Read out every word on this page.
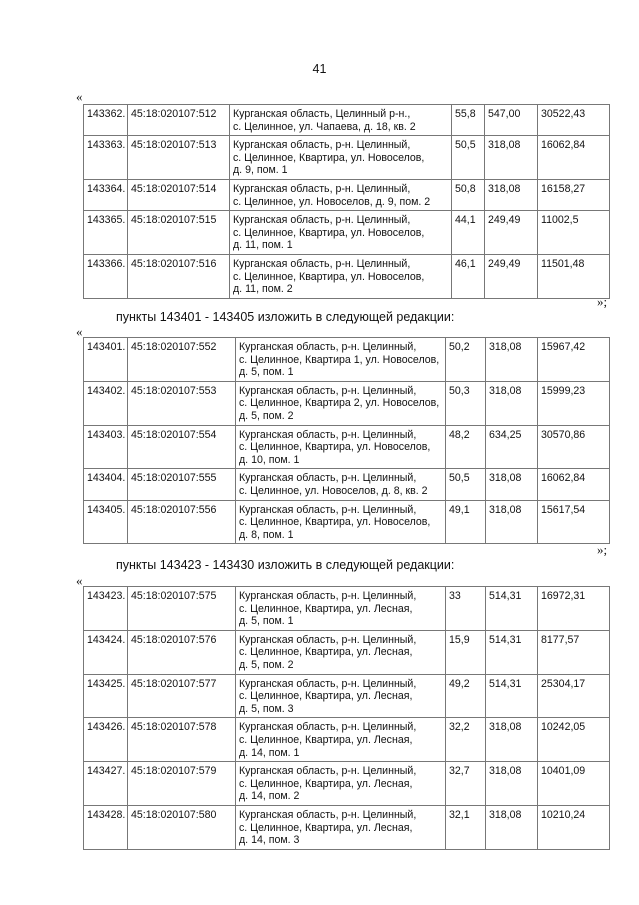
41
«
143362.	45:18:020107:512	Курганская область, Целинный р-н.,
с. Целинное, ул. Чапаева, д. 18, кв. 2	55,8	547,00	30522,43
143363.	45:18:020107:513	Курганская область, р-н. Целинный,
с. Целинное, Квартира, ул. Новоселов,
д. 9, пом. 1	50,5	318,08	16062,84
143364.	45:18:020107:514	Курганская область, р-н. Целинный,
с. Целинное, ул. Новоселов, д. 9, пом. 2	50,8	318,08	16158,27
143365.	45:18:020107:515	Курганская область, р-н. Целинный,
с. Целинное, Квартира, ул. Новоселов,
д. 11, пом. 1	44,1	249,49	11002,5
143366.	45:18:020107:516	Курганская область, р-н. Целинный,
с. Целинное, Квартира, ул. Новоселов,
д. 11, пом. 2	46,1	249,49	11501,48
»;
пункты 143401 - 143405 изложить в следующей редакции:
«
143401.	45:18:020107:552	Курганская область, р-н. Целинный,
с. Целинное, Квартира 1, ул. Новоселов,
д. 5, пом. 1	50,2	318,08	15967,42
143402.	45:18:020107:553	Курганская область, р-н. Целинный,
с. Целинное, Квартира 2, ул. Новоселов,
д. 5, пом. 2	50,3	318,08	15999,23
143403.	45:18:020107:554	Курганская область, р-н. Целинный,
с. Целинное, Квартира, ул. Новоселов,
д. 10, пом. 1	48,2	634,25	30570,86
143404.	45:18:020107:555	Курганская область, р-н. Целинный,
с. Целинное, ул. Новоселов, д. 8, кв. 2	50,5	318,08	16062,84
143405.	45:18:020107:556	Курганская область, р-н. Целинный,
с. Целинное, Квартира, ул. Новоселов,
д. 8, пом. 1	49,1	318,08	15617,54
»;
пункты 143423 - 143430 изложить в следующей редакции:
«
143423.	45:18:020107:575	Курганская область, р-н. Целинный,
с. Целинное, Квартира, ул. Лесная,
д. 5, пом. 1	33	514,31	16972,31
143424.	45:18:020107:576	Курганская область, р-н. Целинный,
с. Целинное, Квартира, ул. Лесная,
д. 5, пом. 2	15,9	514,31	8177,57
143425.	45:18:020107:577	Курганская область, р-н. Целинный,
с. Целинное, Квартира, ул. Лесная,
д. 5, пом. 3	49,2	514,31	25304,17
143426.	45:18:020107:578	Курганская область, р-н. Целинный,
с. Целинное, Квартира, ул. Лесная,
д. 14, пом. 1	32,2	318,08	10242,05
143427.	45:18:020107:579	Курганская область, р-н. Целинный,
с. Целинное, Квартира, ул. Лесная,
д. 14, пом. 2	32,7	318,08	10401,09
143428.	45:18:020107:580	Курганская область, р-н. Целинный,
с. Целинное, Квартира, ул. Лесная,
д. 14, пом. 3	32,1	318,08	10210,24
